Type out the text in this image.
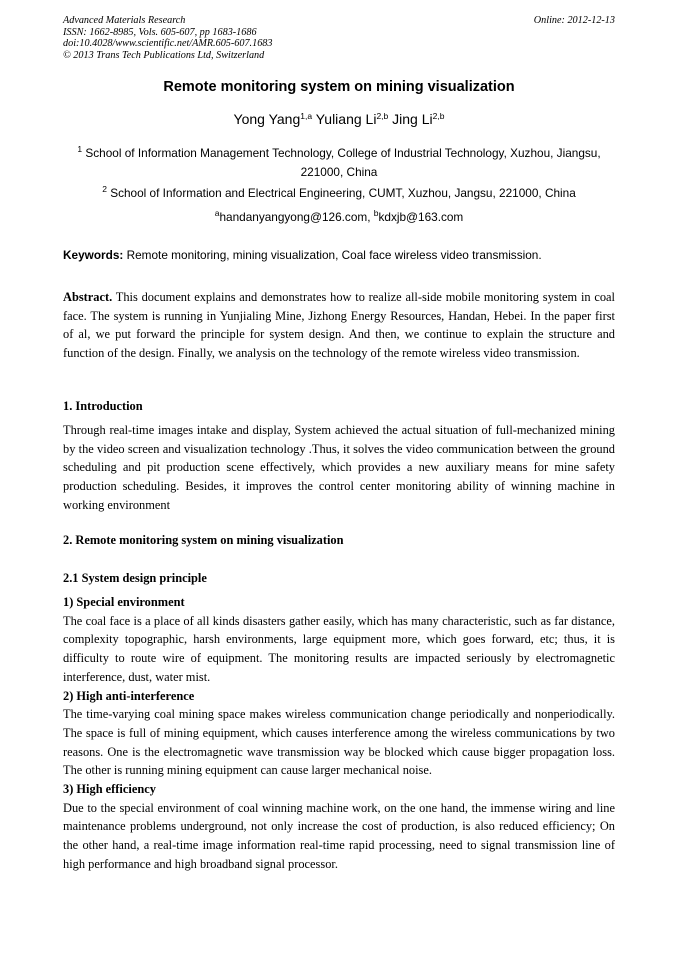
Advanced Materials Research
ISSN: 1662-8985, Vols. 605-607, pp 1683-1686
doi:10.4028/www.scientific.net/AMR.605-607.1683
© 2013 Trans Tech Publications Ltd, Switzerland
Online: 2012-12-13
Remote monitoring system on mining visualization
Yong Yang$^{1,a}$ Yuliang Li$^{2,b}$ Jing Li$^{2,b}$
$^1$ School of Information Management Technology, College of Industrial Technology, Xuzhou, Jiangsu, 221000, China
$^2$ School of Information and Electrical Engineering, CUMT, Xuzhou, Jangsu, 221000, China
$^a$handanyangyong@126.com, $^b$kdxjb@163.com
Keywords: Remote monitoring, mining visualization, Coal face wireless video transmission.
Abstract. This document explains and demonstrates how to realize all-side mobile monitoring system in coal face. The system is running in Yunjialing Mine, Jizhong Energy Resources, Handan, Hebei. In the paper first of al, we put forward the principle for system design. And then, we continue to explain the structure and function of the design. Finally, we analysis on the technology of the remote wireless video transmission.
1. Introduction
Through real-time images intake and display, System achieved the actual situation of full-mechanized mining by the video screen and visualization technology .Thus, it solves the video communication between the ground scheduling and pit production scene effectively, which provides a new auxiliary means for mine safety production scheduling. Besides, it improves the control center monitoring ability of winning machine in working environment
2. Remote monitoring system on mining visualization
2.1 System design principle
1) Special environment

The coal face is a place of all kinds disasters gather easily, which has many characteristic, such as far distance, complexity topographic, harsh environments, large equipment more, which goes forward, etc; thus, it is difficulty to route wire of equipment. The monitoring results are impacted seriously by electromagnetic interference, dust, water mist.

2) High anti-interference

The time-varying coal mining space makes wireless communication change periodically and nonperiodically. The space is full of mining equipment, which causes interference among the wireless communications by two reasons. One is the electromagnetic wave transmission way be blocked which cause bigger propagation loss. The other is running mining equipment can cause larger mechanical noise.

3) High efficiency

Due to the special environment of coal winning machine work, on the one hand, the immense wiring and line maintenance problems underground, not only increase the cost of production, is also reduced efficiency; On the other hand, a real-time image information real-time rapid processing, need to signal transmission line of high performance and high broadband signal processor.
